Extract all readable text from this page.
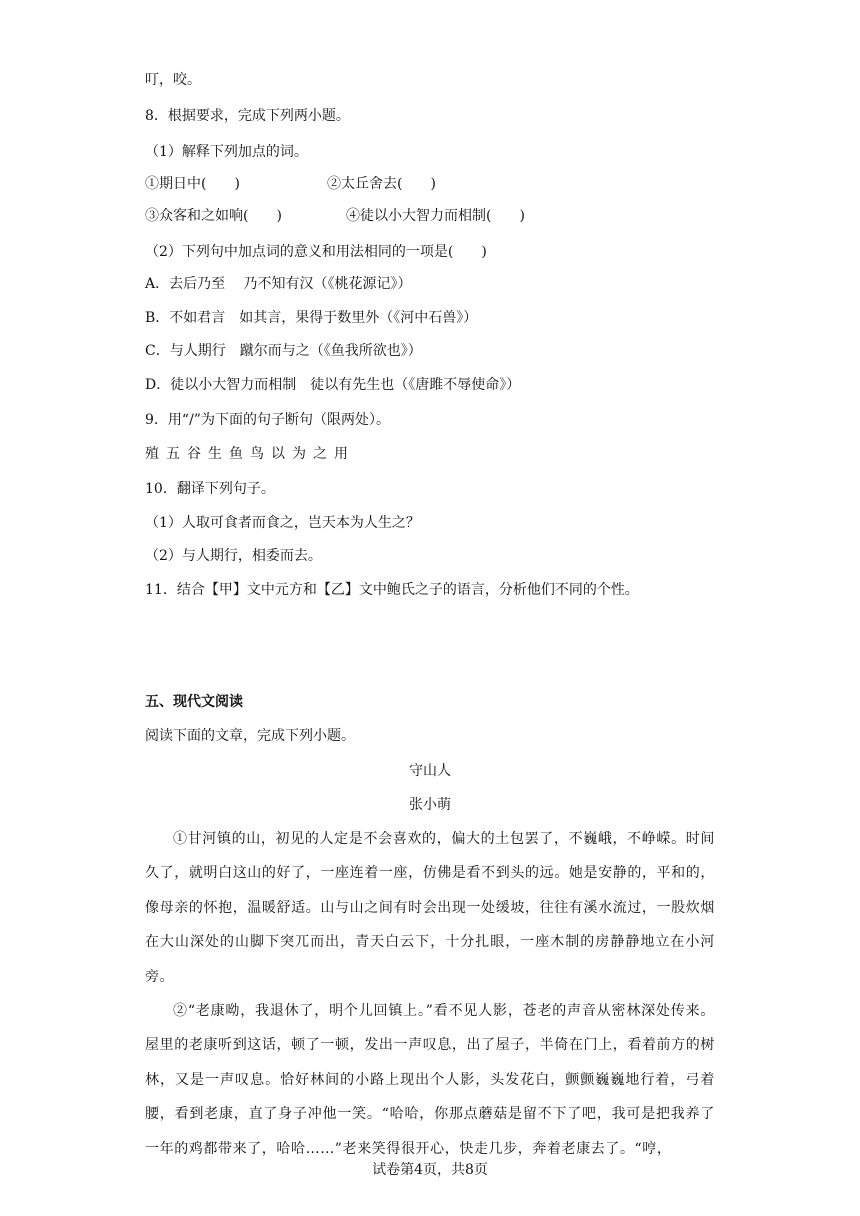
叮，咬。
8．根据要求，完成下列两小题。
（1）解释下列加点的词。
①期日中(　　)	②太丘舍去(　　)
③众客和之如响(　　)	④徒以小大智力而相制(　　)
（2）下列句中加点词的意义和用法相同的一项是(　　)
A．去后乃至　 乃不知有汉（《桃花源记》）
B．不如君言　如其言，果得于数里外（《河中石兽》）
C．与人期行　蹴尔而与之（《鱼我所欲也》）
D．徒以小大智力而相制　徒以有先生也（《唐雎不辱使命》）
9．用“/”为下面的句子断句（限两处）。
殖五谷生鱼鸟以为之用
10．翻译下列句子。
（1）人取可食者而食之，岂天本为人生之？
（2）与人期行，相委而去。
11．结合【甲】文中元方和【乙】文中鲍氏之子的语言，分析他们不同的个性。
五、现代文阅读
阅读下面的文章，完成下列小题。
守山人
张小萌
①甘河镇的山，初见的人定是不会喜欢的，偏大的土包罢了，不巍峨，不峥嵘。时间久了，就明白这山的好了，一座连着一座，仿佛是看不到头的远。她是安静的，平和的，像母亲的怀抱，温暖舒适。山与山之间有时会出现一处缓坡，往往有溪水流过，一股炊烟在大山深处的山脚下突兀而出，青天白云下，十分扎眼，一座木制的房静静地立在小河旁。
②“老康呦，我退休了，明个儿回镇上。”看不见人影，苍老的声音从密林深处传来。屋里的老康听到这话，顿了一顿，发出一声叹息，出了屋子，半倚在门上，看着前方的树林，又是一声叹息。恰好林间的小路上现出个人影，头发花白，颤颤巍巍地行着，弓着腰，看到老康，直了身子冲他一笑。“哈哈，你那点蘑菇是留不下了吧，我可是把我养了一年的鸡都带来了，哈哈……”老来笑得很开心，快走几步，奔着老康去了。“哼，
试卷第4页，共8页
